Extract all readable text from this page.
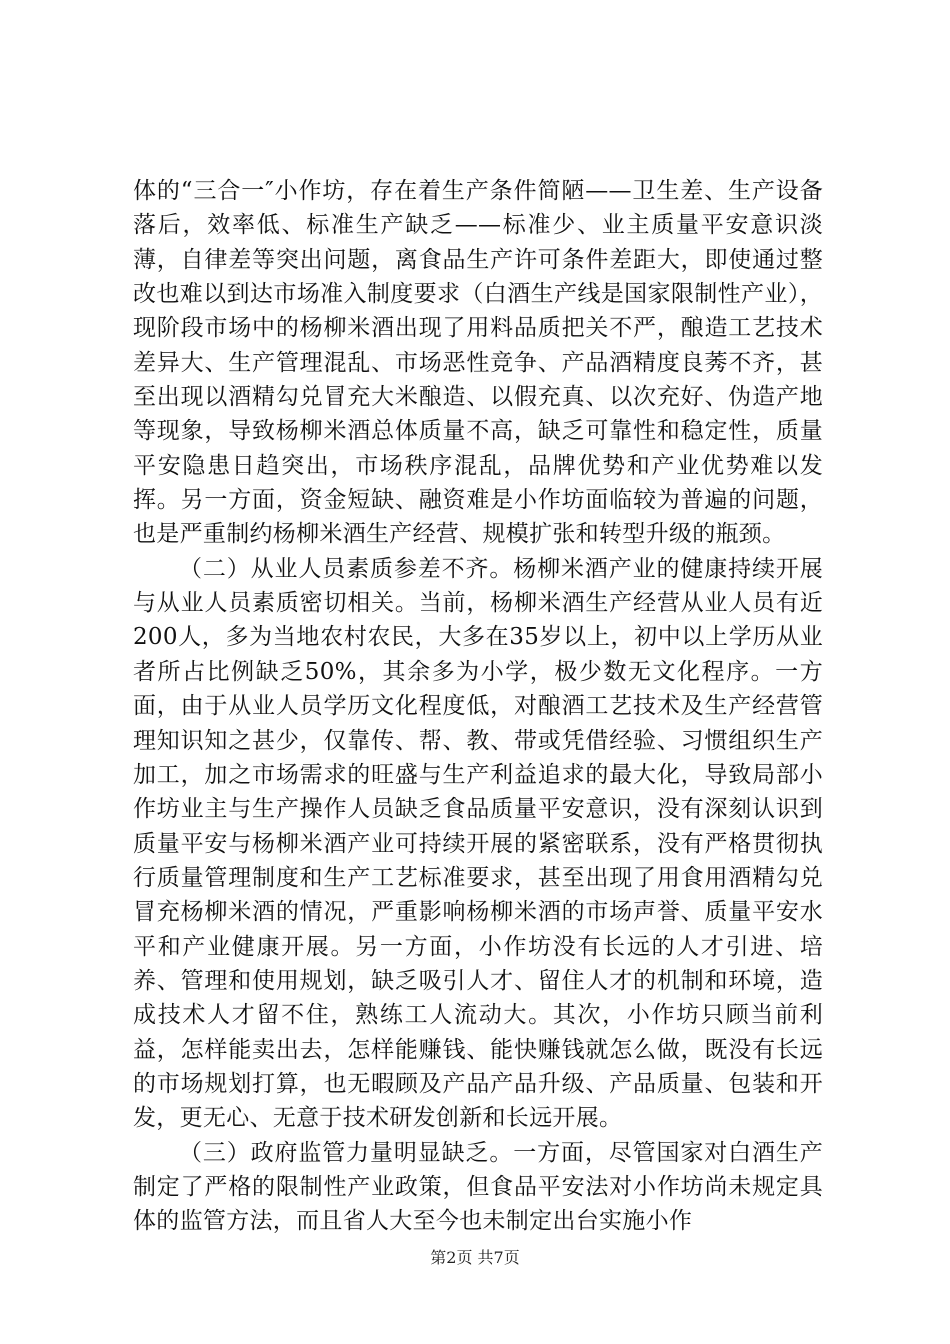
体的“三合一″小作坊，存在着生产条件简陋——卫生差、生产设备落后，效率低、标准生产缺乏——标准少、业主质量平安意识淡薄，自律差等突出问题，离食品生产许可条件差距大，即使通过整改也难以到达市场准入制度要求（白酒生产线是国家限制性产业），现阶段市场中的杨柳米酒出现了用料品质把关不严，酿造工艺技术差异大、生产管理混乱、市场恶性竞争、产品酒精度良莠不齐，甚至出现以酒精勾兑冒充大米酿造、以假充真、以次充好、伪造产地等现象，导致杨柳米酒总体质量不高，缺乏可靠性和稳定性，质量平安隐患日趋突出，市场秩序混乱，品牌优势和产业优势难以发挥。另一方面，资金短缺、融资难是小作坊面临较为普遍的问题，也是严重制约杨柳米酒生产经营、规模扩张和转型升级的瓶颈。

（二）从业人员素质参差不齐。杨柳米酒产业的健康持续开展与从业人员素质密切相关。当前，杨柳米酒生产经营从业人员有近200人，多为当地农村农民，大多在35岁以上，初中以上学历从业者所占比例缺乏50%，其余多为小学，极少数无文化程序。一方面，由于从业人员学历文化程度低，对酿酒工艺技术及生产经营管理知识知之甚少，仅靠传、帮、教、带或凭借经验、习惯组织生产加工，加之市场需求的旺盛与生产利益追求的最大化，导致局部小作坊业主与生产操作人员缺乏食品质量平安意识，没有深刻认识到质量平安与杨柳米酒产业可持续开展的紧密联系，没有严格贯彻执行质量管理制度和生产工艺标准要求，甚至出现了用食用酒精勾兑冒充杨柳米酒的情况，严重影响杨柳米酒的市场声誉、质量平安水平和产业健康开展。另一方面，小作坊没有长远的人才引进、培养、管理和使用规划，缺乏吸引人才、留住人才的机制和环境，造成技术人才留不住，熟练工人流动大。其次，小作坊只顾当前利益，怎样能卖出去，怎样能赚钱、能快赚钱就怎么做，既没有长远的市场规划打算，也无暇顾及产品产品升级、产品质量、包装和开发，更无心、无意于技术研发创新和长远开展。

（三）政府监管力量明显缺乏。一方面，尽管国家对白酒生产制定了严格的限制性产业政策，但食品平安法对小作坊尚未规定具体的监管方法，而且省人大至今也未制定出台实施小作

第2页 共7页
